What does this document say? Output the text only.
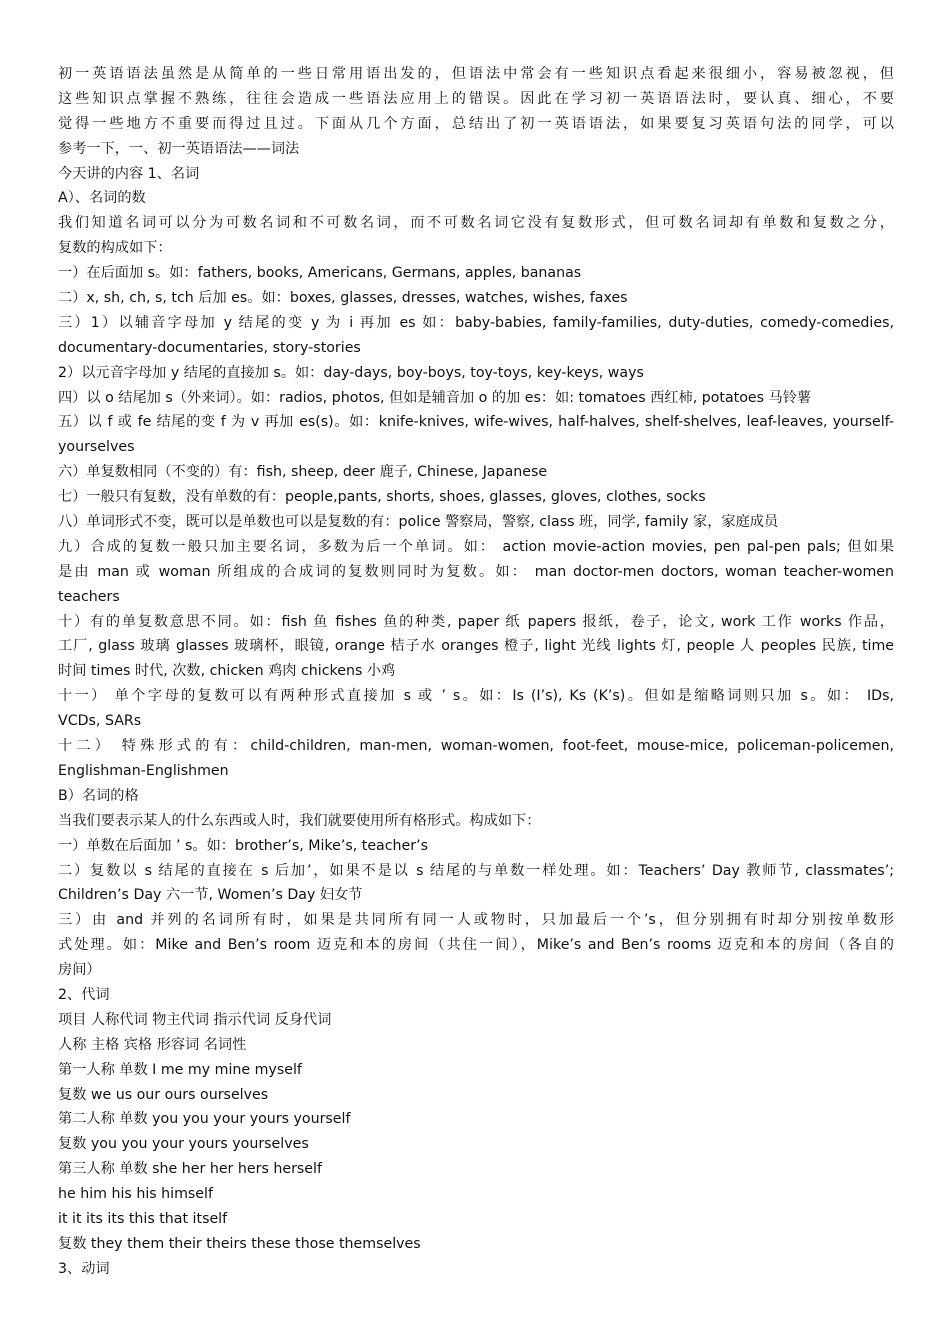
初一英语语法虽然是从简单的一些日常用语出发的，但语法中常会有一些知识点看起来很细小，容易被忽视，但
这些知识点掌握不熟练，往往会造成一些语法应用上的错误。因此在学习初一英语语法时，要认真、细心，不要
觉得一些地方不重要而得过且过。下面从几个方面，总结出了初一英语语法，如果要复习英语句法的同学，可以
参考一下，一、初一英语语法——词法
今天讲的内容 1、名词
A）、名词的数
我们知道名词可以分为可数名词和不可数名词，而不可数名词它没有复数形式，但可数名词却有单数和复数之分，
复数的构成如下：
一）在后面加 s。如：fathers, books, Americans, Germans, apples, bananas
二）x, sh, ch, s, tch 后加 es。如：boxes, glasses, dresses, watches, wishes, faxes
三）1）以辅音字母加 y 结尾的变 y 为 i 再加 es 如：baby-babies, family-families, duty-duties, comedy-comedies,
documentary-documentaries, story-stories
2）以元音字母加 y 结尾的直接加 s。如：day-days, boy-boys, toy-toys, key-keys, ways
四）以 o 结尾加 s（外来词）。如：radios, photos, 但如是辅音加 o 的加 es：如: tomatoes 西红柿, potatoes 马铃薯
五）以 f 或 fe 结尾的变 f 为 v 再加 es(s)。如：knife-knives, wife-wives, half-halves, shelf-shelves, leaf-leaves, yourself-
yourselves
六）单复数相同（不变的）有：fish, sheep, deer 鹿子, Chinese, Japanese
七）一般只有复数，没有单数的有：people,pants, shorts, shoes, glasses, gloves, clothes, socks
八）单词形式不变，既可以是单数也可以是复数的有：police 警察局，警察, class 班，同学, family 家，家庭成员
九）合成的复数一般只加主要名词，多数为后一个单词。如： action movie-action movies, pen pal-pen pals; 但如果
是由 man 或 woman 所组成的合成词的复数则同时为复数。如： man doctor-men doctors, woman teacher-women
teachers
十）有的单复数意思不同。如：fish 鱼 fishes 鱼的种类, paper 纸 papers 报纸，卷子，论文, work 工作 works 作品，
工厂, glass 玻璃 glasses 玻璃杯，眼镜, orange 桔子水 oranges 橙子, light 光线 lights 灯, people 人 peoples 民族, time
时间 times 时代, 次数, chicken 鸡肉 chickens 小鸡
十一） 单个字母的复数可以有两种形式直接加 s 或 ’ s。如：Is (I’s), Ks (K’s)。但如是缩略词则只加 s。如： IDs,
VCDs, SARs
十二） 特殊形式的有：child-children, man-men, woman-women, foot-feet, mouse-mice, policeman-policemen,
Englishman-Englishmen
B）名词的格
当我们要表示某人的什么东西或人时，我们就要使用所有格形式。构成如下：
一）单数在后面加 ’ s。如：brother’s, Mike’s, teacher’s
二）复数以 s 结尾的直接在 s 后加’，如果不是以 s 结尾的与单数一样处理。如：Teachers’ Day 教师节, classmates’;
Children’s Day 六一节, Women’s Day 妇女节
三）由 and 并列的名词所有时，如果是共同所有同一人或物时，只加最后一个’s，但分别拥有时却分别按单数形
式处理。如：Mike and Ben’s room 迈克和本的房间（共住一间），Mike’s and Ben’s rooms 迈克和本的房间（各自的
房间）
2、代词
项目 人称代词 物主代词 指示代词 反身代词
人称 主格 宾格 形容词 名词性
第一人称 单数 I me my mine myself
复数 we us our ours ourselves
第二人称 单数 you you your yours yourself
复数 you you your yours yourselves
第三人称 单数 she her her hers herself
he him his his himself
it it its its this that itself
复数 they them their theirs these those themselves
3、动词
